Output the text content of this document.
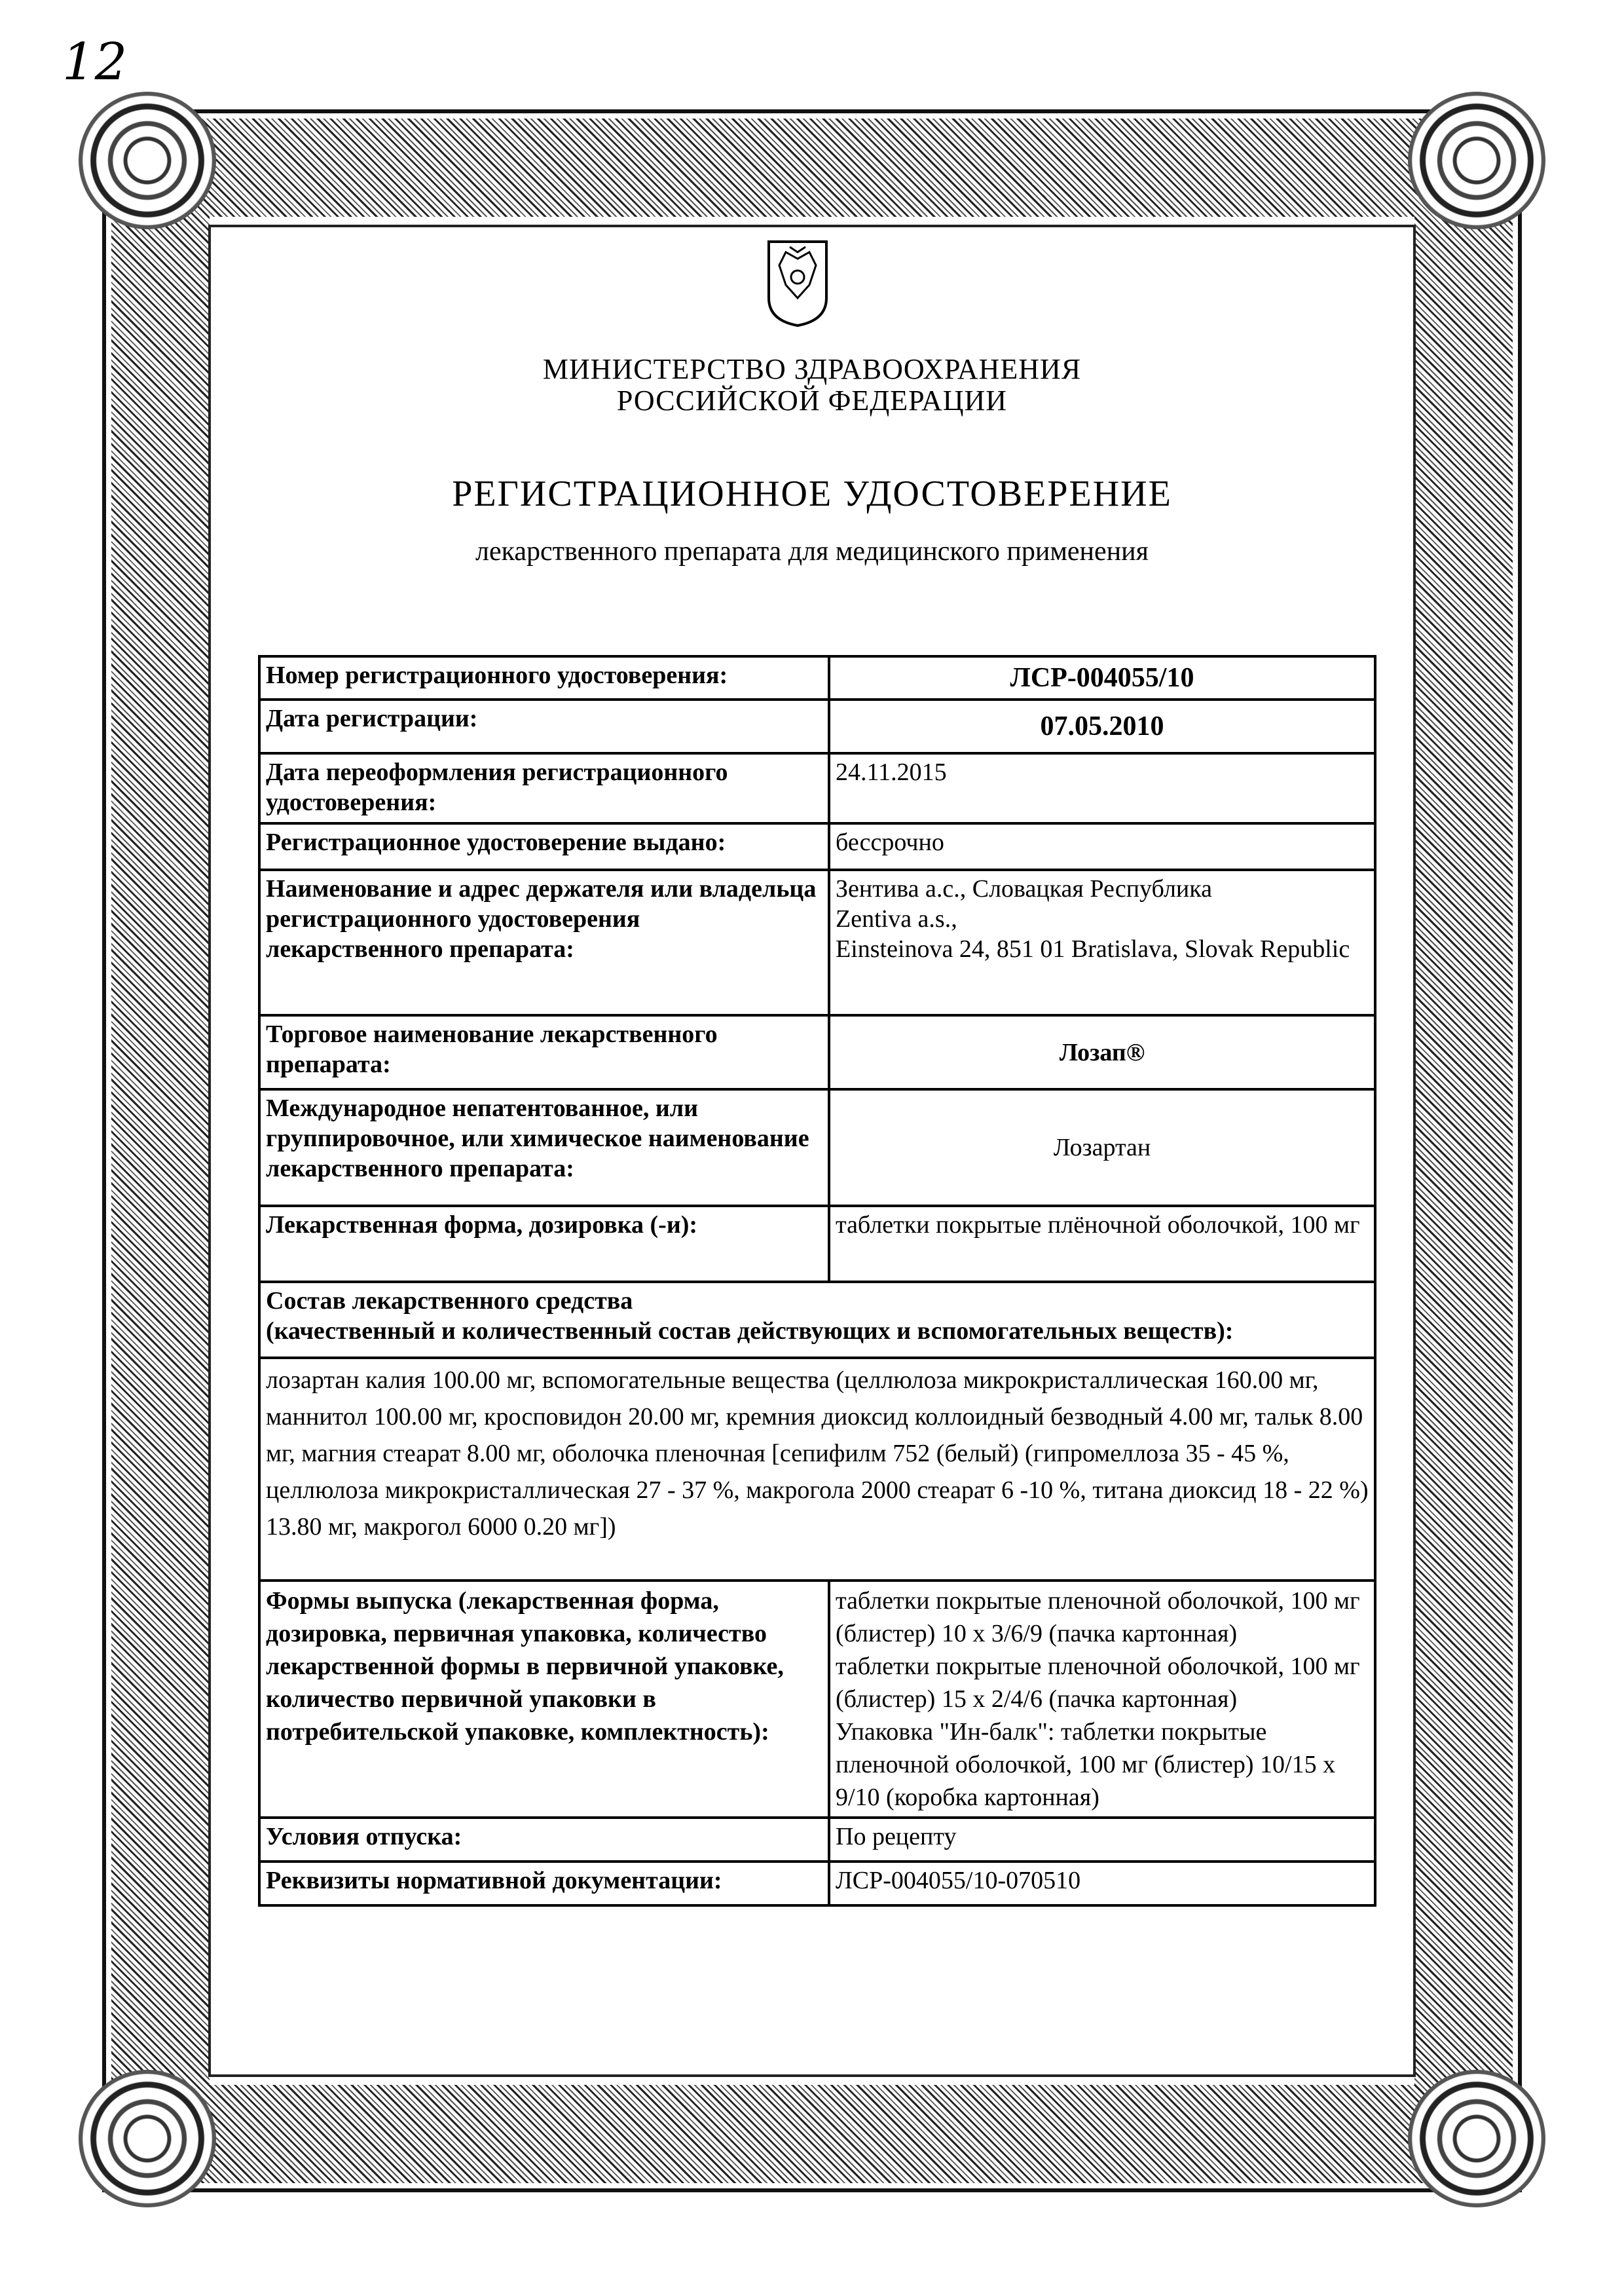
12
МИНИСТЕРСТВО ЗДРАВООХРАНЕНИЯ
РОССИЙСКОЙ ФЕДЕРАЦИИ
РЕГИСТРАЦИОННОЕ УДОСТОВЕРЕНИЕ
лекарственного препарата для медицинского применения
Номер регистрационного удостоверения:	ЛСР-004055/10
Дата регистрации:	07.05.2010
Дата переоформления регистрационного удостоверения:	24.11.2015
Регистрационное удостоверение выдано:	бессрочно
Наименование и адрес держателя или владельца регистрационного удостоверения лекарственного препарата:	Зентива а.с., Словацкая Республика
Zentiva a.s.,
Einsteinova 24, 851 01 Bratislava, Slovak Republic

Торговое наименование лекарственного препарата:	Лозап®
Международное непатентованное, или группировочное, или химическое наименование лекарственного препарата:	Лозартан
Лекарственная форма, дозировка (-и):	таблетки покрытые плёночной оболочкой, 100 мг

Состав лекарственного средства
(качественный и количественный состав действующих и вспомогательных веществ):	

лозартан калия 100.00 мг, вспомогательные вещества (целлюлоза микрокристаллическая 160.00 мг, маннитол 100.00 мг, кросповидон 20.00 мг, кремния диоксид коллоидный безводный 4.00 мг, тальк 8.00 мг, магния стеарат 8.00 мг, оболочка пленочная [сепифилм 752 (белый) (гипромеллоза 35 - 45 %, целлюлоза микрокристаллическая 27 - 37 %, макрогола 2000 стеарат 6 -10 %, титана диоксид 18 - 22 %) 13.80 мг, макрогол 6000 0.20 мг])	
Формы выпуска (лекарственная форма, дозировка, первичная упаковка, количество лекарственной формы в первичной упаковке, количество первичной упаковки в потребительской упаковке, комплектность):	таблетки покрытые пленочной оболочкой, 100 мг (блистер) 10 x 3/6/9 (пачка картонная)
таблетки покрытые пленочной оболочкой, 100 мг (блистер) 15 x 2/4/6 (пачка картонная)
Упаковка "Ин-балк": таблетки покрытые пленочной оболочкой, 100 мг (блистер) 10/15 x 9/10 (коробка картонная)

Условия отпуска:	По рецепту
Реквизиты нормативной документации:	ЛСР-004055/10-070510
